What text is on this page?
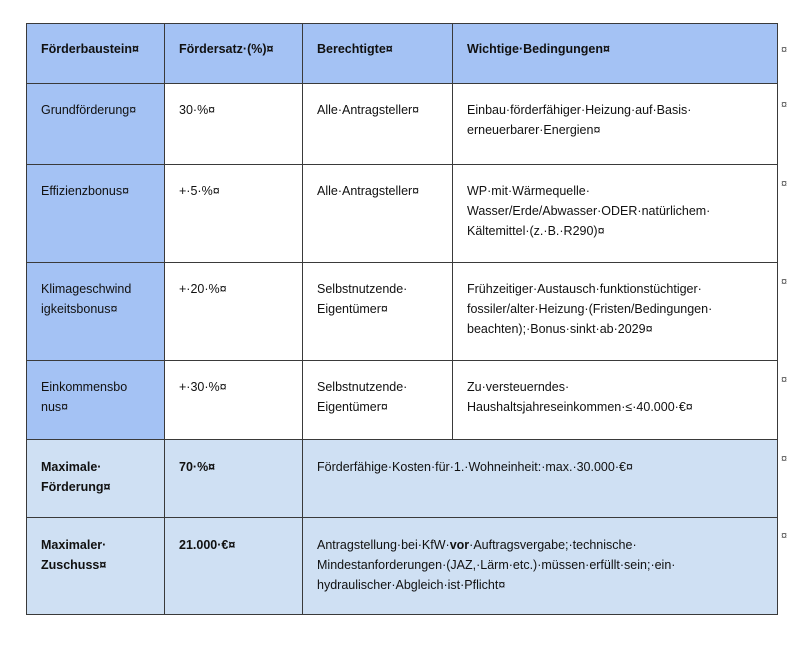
Förderbaustein¤	Fördersatz·(%)¤	Berechtigte¤	Wichtige·Bedingungen¤
Grundförderung¤	30·%¤	Alle·Antragsteller¤	Einbau·förderfähiger·Heizung·auf·Basis·
erneuerbarer·Energien¤
Effizienzbonus¤	+·5·%¤	Alle·Antragsteller¤	WP·mit·Wärmequelle·
Wasser/Erde/Abwasser·ODER·natürlichem·
Kältemittel·(z.·B.·R290)¤
Klimageschwind
igkeitsbonus¤	+·20·%¤	Selbstnutzende·
Eigentümer¤	Frühzeitiger·Austausch·funktionstüchtiger·
fossiler/alter·Heizung·(Fristen/Bedingungen·
beachten);·Bonus·sinkt·ab·2029¤
Einkommensbo
nus¤	+·30·%¤	Selbstnutzende·
Eigentümer¤	Zu·versteuerndes·
Haushaltsjahreseinkommen·≤·40.000·€¤
Maximale·
Förderung¤	70·%¤	Förderfähige·Kosten·für·1.·Wohneinheit:·max.·30.000·€¤	
Maximaler·
Zuschuss¤	21.000·€¤	Antragstellung·bei·KfW·vor·Auftragsvergabe;·technische·
Mindestanforderungen·(JAZ,·Lärm·etc.)·müssen·erfüllt·sein;·ein·
hydraulischer·Abgleich·ist·Pflicht¤	
¤
¤
¤
¤
¤
¤
¤
